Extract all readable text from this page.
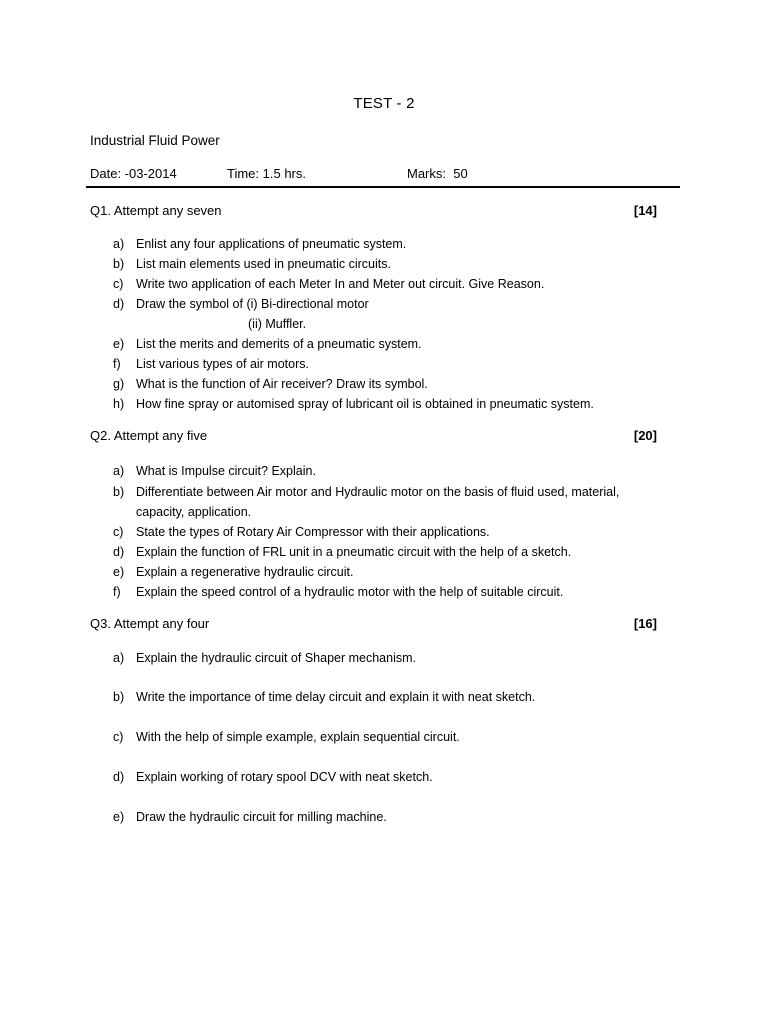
TEST - 2
Industrial Fluid Power
Date: -03-2014	Time: 1.5 hrs.	Marks:  50
Q1. Attempt any seven	[14]
a) Enlist any four applications of pneumatic system.
b) List main elements used in pneumatic circuits.
c)	Write two application of each Meter In and Meter out circuit. Give Reason.
d) Draw the symbol of (i) Bi-directional motor
(ii) Muffler.
e) List the merits and demerits of a pneumatic system.
f)	List various types of air motors.
g) What is the function of Air receiver? Draw its symbol.
h) How fine spray or automised spray of lubricant oil is obtained in pneumatic system.
Q2. Attempt any five	[20]
a) What is Impulse circuit? Explain.
b) Differentiate between Air motor and Hydraulic motor on the basis of fluid used, material, capacity, application.
c)	State the types of Rotary Air Compressor with their applications.
d) Explain the function of FRL unit in a pneumatic circuit with the help of a sketch.
e) Explain a regenerative hydraulic circuit.
f)	Explain the speed control of a hydraulic motor with the help of suitable circuit.
Q3. Attempt any four	[16]
a) Explain the hydraulic circuit of Shaper mechanism.
b) Write the importance of time delay circuit and explain it with neat sketch.
c)	With the help of simple example, explain sequential circuit.
d) Explain working of rotary spool DCV with neat sketch.
e) Draw the hydraulic circuit for milling machine.
